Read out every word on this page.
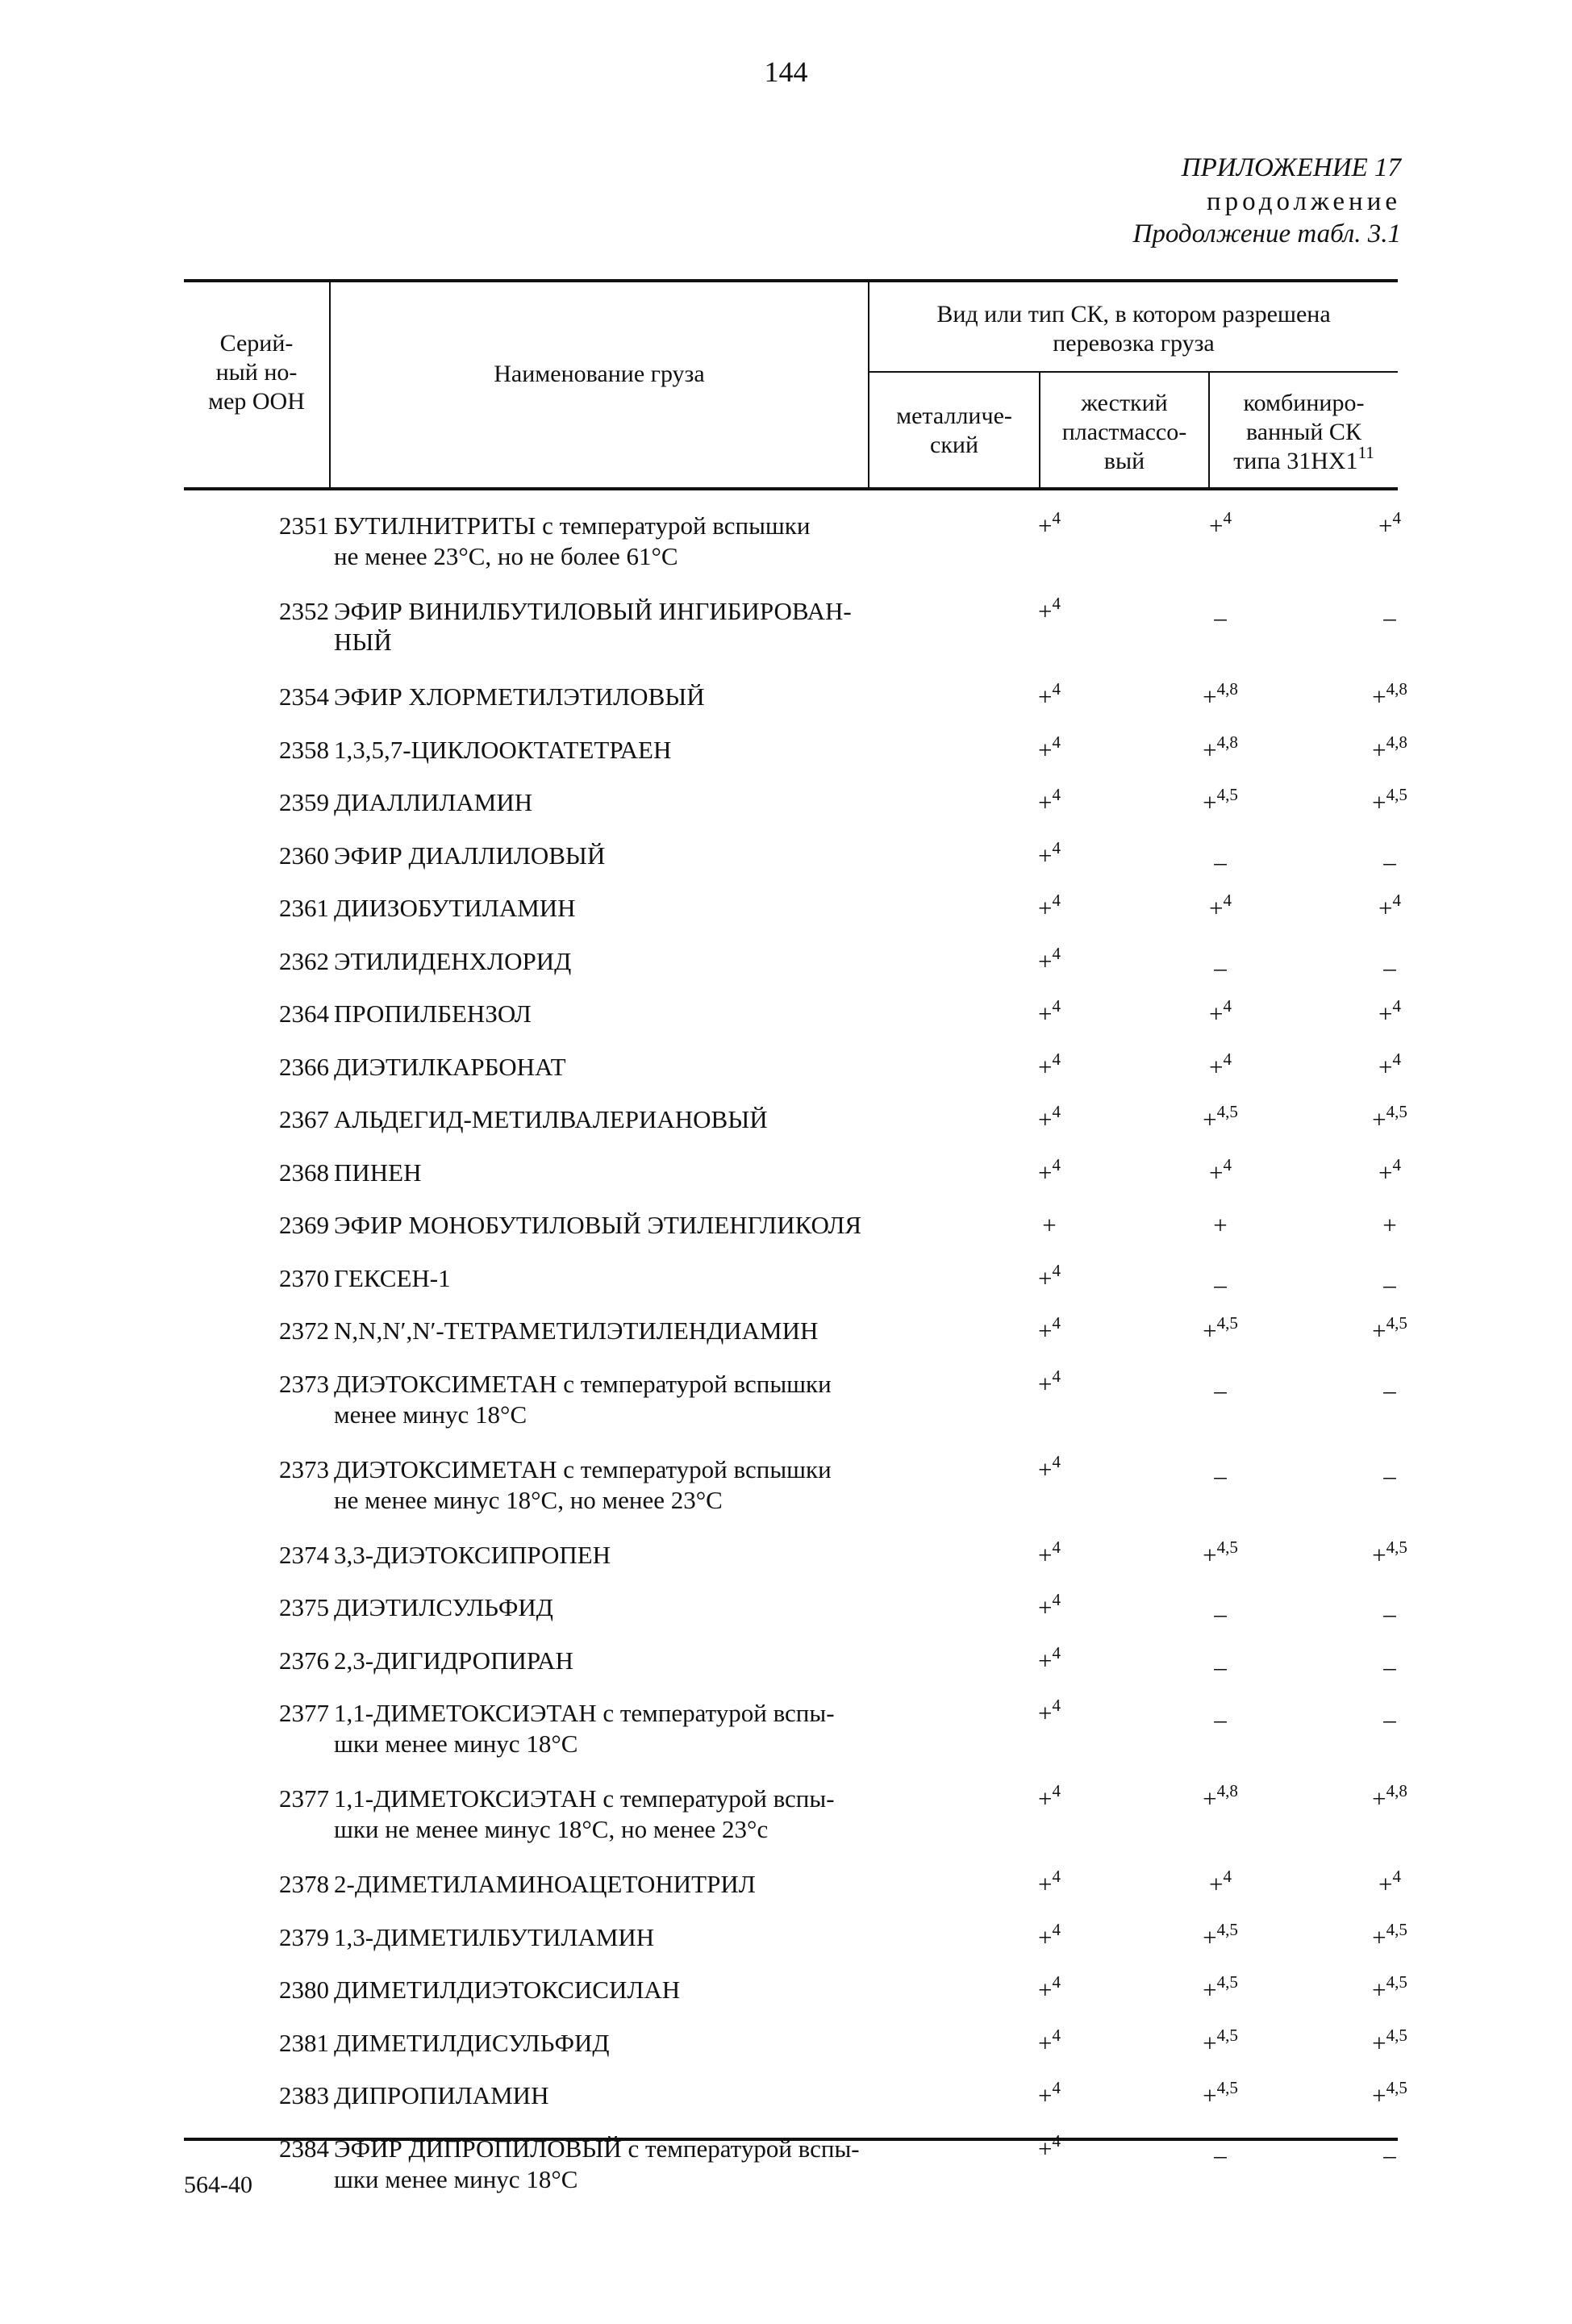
144
ПРИЛОЖЕНИЕ 17
продолжение
Продолжение табл. 3.1
Серий-
ный но-
мер ООН
Наименование груза
Вид или тип СК, в котором разрешена
перевозка груза
металличе-
ский
жесткий
пластмассо-
вый
комбиниро-
ванный СК
типа $31НХ1^{11}$
2351 БУТИЛНИТРИТЫ с температурой вспышки
не менее 23°С, но не более 61°С
+$^4$	+$^4$	+$^4$
2352 ЭФИР ВИНИЛБУТИЛОВЫЙ ИНГИБИРОВАН-
НЫЙ
+$^4$	–	–
2354 ЭФИР ХЛОРМЕТИЛЭТИЛОВЫЙ	+$^4$	+$^{4,8}$	+$^{4,8}$
2358 1,3,5,7-ЦИКЛООКТАТЕТРАЕН	+$^4$	+$^{4,8}$	+$^{4,8}$
2359 ДИАЛЛИЛАМИН	+$^4$	+$^{4,5}$	+$^{4,5}$
2360 ЭФИР ДИАЛЛИЛОВЫЙ	+$^4$	–	–
2361 ДИИЗОБУТИЛАМИН	+$^4$	+$^4$	+$^4$
2362 ЭТИЛИДЕНХЛОРИД	+$^4$	–	–
2364 ПРОПИЛБЕНЗОЛ	+$^4$	+$^4$	+$^4$
2366 ДИЭТИЛКАРБОНАТ	+$^4$	+$^4$	+$^4$
2367 АЛЬДЕГИД-МЕТИЛВАЛЕРИАНОВЫЙ	+$^4$	+$^{4,5}$	+$^{4,5}$
2368 ПИНЕН	+$^4$	+$^4$	+$^4$
2369 ЭФИР МОНОБУТИЛОВЫЙ ЭТИЛЕНГЛИКОЛЯ	+	+	+
2370 ГЕКСЕН-1	+$^4$	–	–
2372 N,N,N′,N′-ТЕТРАМЕТИЛЭТИЛЕНДИАМИН	+$^4$	+$^{4,5}$	+$^{4,5}$
2373 ДИЭТОКСИМЕТАН с температурой вспышки
менее минус 18°С
+$^4$	–	–
2373 ДИЭТОКСИМЕТАН с температурой вспышки
не менее минус 18°С, но менее 23°С
+$^4$	–	–
2374 3,3-ДИЭТОКСИПРОПЕН	+$^4$	+$^{4,5}$	+$^{4,5}$
2375 ДИЭТИЛСУЛЬФИД	+$^4$	–	–
2376 2,3-ДИГИДРОПИРАН	+$^4$	–	–
2377 1,1-ДИМЕТОКСИЭТАН с температурой вспы-
шки менее минус 18°С
+$^4$	–	–
2377 1,1-ДИМЕТОКСИЭТАН с температурой вспы-
шки не менее минус 18°С, но менее 23°с
+$^4$	+$^{4,8}$	+$^{4,8}$
2378 2-ДИМЕТИЛАМИНОАЦЕТОНИТРИЛ	+$^4$	+$^4$	+$^4$
2379 1,3-ДИМЕТИЛБУТИЛАМИН	+$^4$	+$^{4,5}$	+$^{4,5}$
2380 ДИМЕТИЛДИЭТОКСИСИЛАН	+$^4$	+$^{4,5}$	+$^{4,5}$
2381 ДИМЕТИЛДИСУЛЬФИД	+$^4$	+$^{4,5}$	+$^{4,5}$
2383 ДИПРОПИЛАМИН	+$^4$	+$^{4,5}$	+$^{4,5}$
2384 ЭФИР ДИПРОПИЛОВЫЙ с температурой вспы-
шки менее минус 18°С
+$^4$	–	–
564-40
